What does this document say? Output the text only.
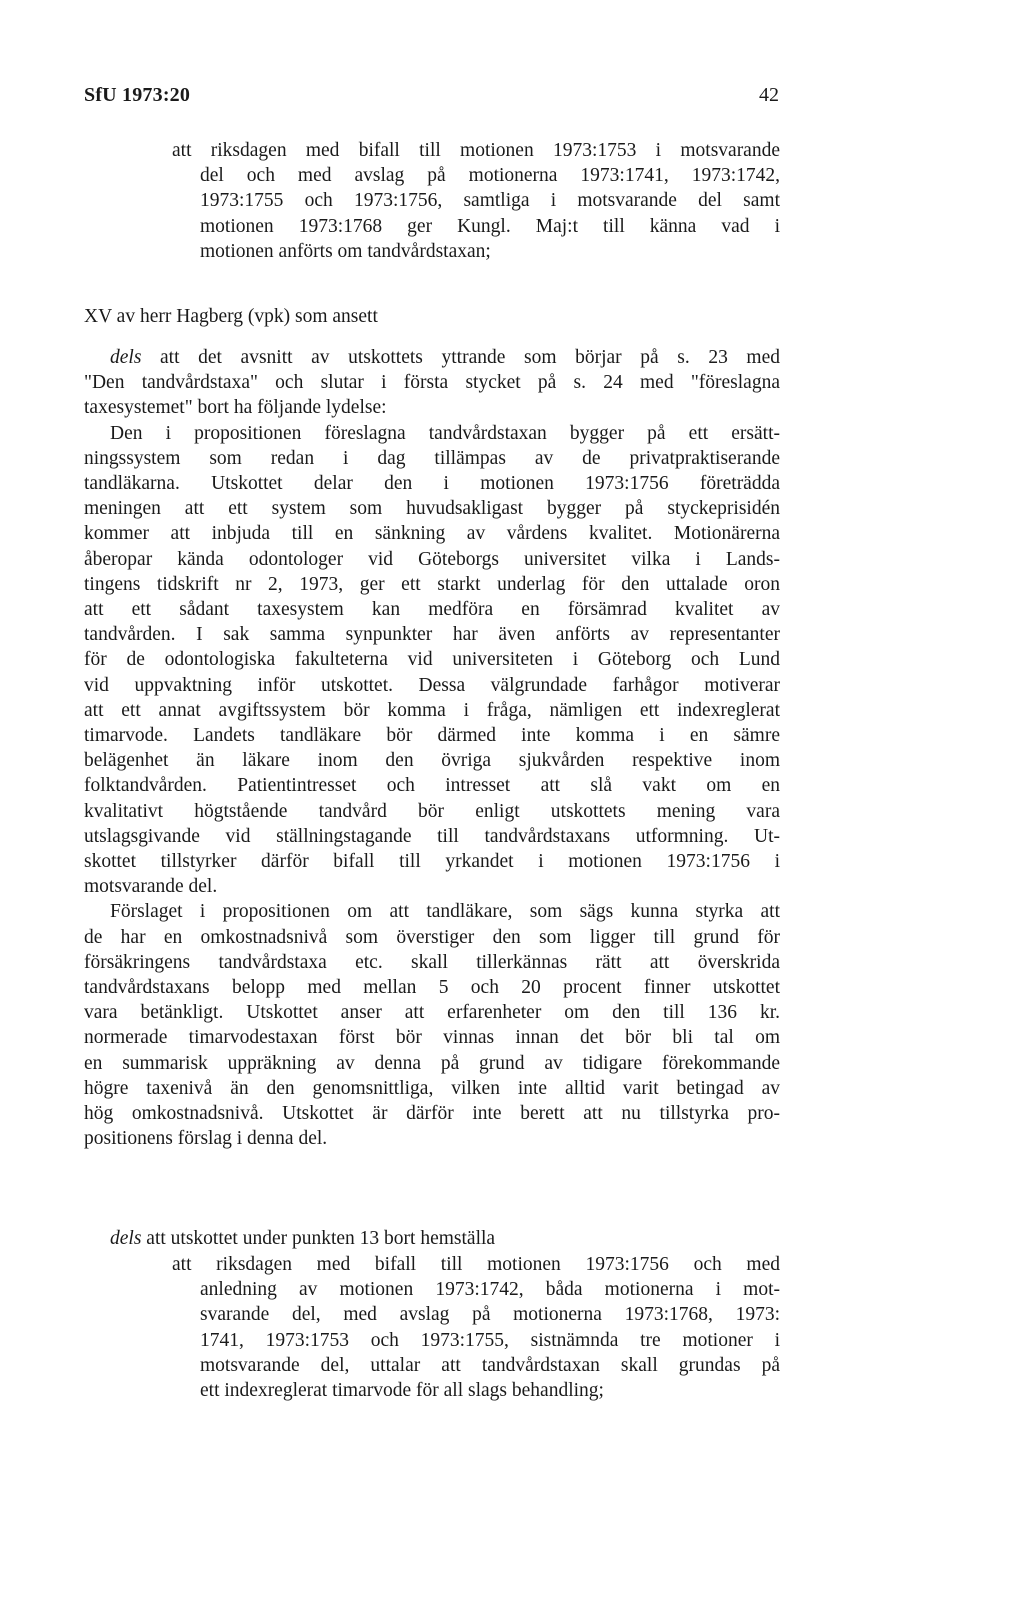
SfU 1973:20	42
att riksdagen med bifall till motionen 1973:1753 i motsvarande
del och med avslag på motionerna 1973:1741, 1973:1742,
1973:1755 och 1973:1756, samtliga i motsvarande del samt
motionen 1973:1768 ger Kungl. Maj:t till känna vad i
motionen anförts om tandvårdstaxan;
XV av herr Hagberg (vpk) som ansett
dels att det avsnitt av utskottets yttrande som börjar på s. 23 med
"Den tandvårdstaxa" och slutar i första stycket på s. 24 med "föreslagna
taxesystemet" bort ha följande lydelse:
Den i propositionen föreslagna tandvårdstaxan bygger på ett ersätt-
ningssystem som redan i dag tillämpas av de privatpraktiserande
tandläkarna. Utskottet delar den i motionen 1973:1756 företrädda
meningen att ett system som huvudsakligast bygger på styckeprisidén
kommer att inbjuda till en sänkning av vårdens kvalitet. Motionärerna
åberopar kända odontologer vid Göteborgs universitet vilka i Lands-
tingens tidskrift nr 2, 1973, ger ett starkt underlag för den uttalade oron
att ett sådant taxesystem kan medföra en försämrad kvalitet av
tandvården. I sak samma synpunkter har även anförts av representanter
för de odontologiska fakulteterna vid universiteten i Göteborg och Lund
vid uppvaktning inför utskottet. Dessa välgrundade farhågor motiverar
att ett annat avgiftssystem bör komma i fråga, nämligen ett indexreglerat
timarvode. Landets tandläkare bör därmed inte komma i en sämre
belägenhet än läkare inom den övriga sjukvården respektive inom
folktandvården. Patientintresset och intresset att slå vakt om en
kvalitativt högtstående tandvård bör enligt utskottets mening vara
utslagsgivande vid ställningstagande till tandvårdstaxans utformning. Ut-
skottet tillstyrker därför bifall till yrkandet i motionen 1973:1756 i
motsvarande del.
Förslaget i propositionen om att tandläkare, som sägs kunna styrka att
de har en omkostnadsnivå som överstiger den som ligger till grund för
försäkringens tandvårdstaxa etc. skall tillerkännas rätt att överskrida
tandvårdstaxans belopp med mellan 5 och 20 procent finner utskottet
vara betänkligt. Utskottet anser att erfarenheter om den till 136 kr.
normerade timarvodestaxan först bör vinnas innan det bör bli tal om
en summarisk uppräkning av denna på grund av tidigare förekommande
högre taxenivå än den genomsnittliga, vilken inte alltid varit betingad av
hög omkostnadsnivå. Utskottet är därför inte berett att nu tillstyrka pro-
positionens förslag i denna del.
dels att utskottet under punkten 13 bort hemställa
att riksdagen med bifall till motionen 1973:1756 och med
anledning av motionen 1973:1742, båda motionerna i mot-
svarande del, med avslag på motionerna 1973:1768, 1973:
1741, 1973:1753 och 1973:1755, sistnämnda tre motioner i
motsvarande del, uttalar att tandvårdstaxan skall grundas på
ett indexreglerat timarvode för all slags behandling;
